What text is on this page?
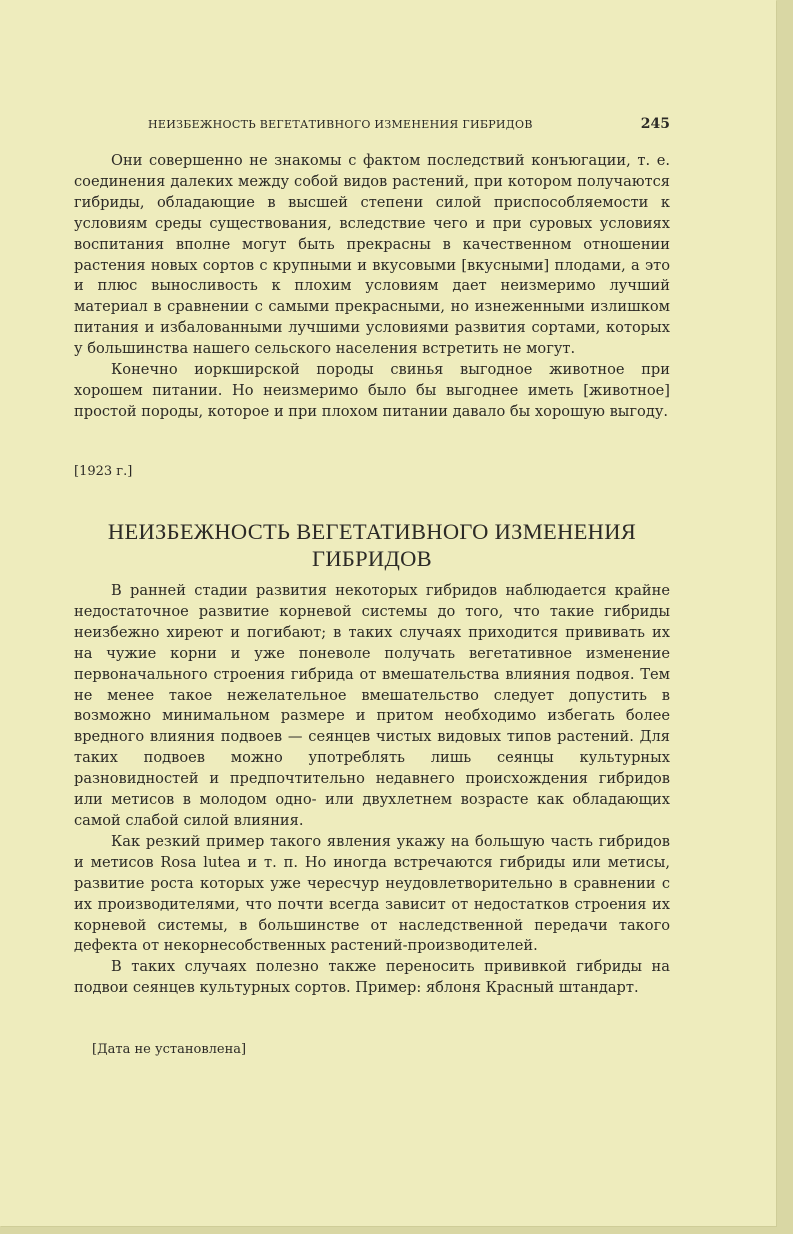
НЕИЗБЕЖНОСТЬ ВЕГЕТАТИВНОГО ИЗМЕНЕНИЯ ГИБРИДОВ	245

Они совершенно не знакомы с фактом последствий конъюгации, т. е. соединения далеких между собой видов растений, при котором получаются гибриды, обладающие в высшей степени силой приспособляемости к условиям среды существования, вследствие чего и при суровых условиях воспитания вполне могут быть прекрасны в качественном отношении растения новых сортов с крупными и вкусовыми [вкусными] плодами, а это и плюс выносливость к плохим условиям дает неизмеримо лучший материал в сравнении с самыми прекрасными, но изнеженными излишком питания и избалованными лучшими условиями развития сортами, которых у большинства нашего сельского населения встретить не могут.

Конечно иоркширской породы свинья выгодное животное при хорошем питании. Но неизмеримо было бы выгоднее иметь [животное] простой породы, которое и при плохом питании давало бы хорошую выгоду.

[1923 г.]
НЕИЗБЕЖНОСТЬ ВЕГЕТАТИВНОГО ИЗМЕНЕНИЯ
ГИБРИДОВ

В ранней стадии развития некоторых гибридов наблюдается крайне недостаточное развитие корневой системы до того, что такие гибриды неизбежно хиреют и погибают; в таких случаях приходится прививать их на чужие корни и уже поневоле получать вегетативное изменение первоначального строения гибрида от вмешательства влияния подвоя. Тем не менее такое нежелательное вмешательство следует допустить в возможно минимальном размере и притом необходимо избегать более вредного влияния подвоев — сеянцев чистых видовых типов растений. Для таких подвоев можно употреблять лишь сеянцы культурных разновидностей и предпочтительно недавнего происхождения гибридов или метисов в молодом одно- или двухлетнем возрасте как обладающих самой слабой силой влияния.

Как резкий пример такого явления укажу на большую часть гибридов и метисов Rosa lutea и т. п. Но иногда встречаются гибриды или метисы, развитие роста которых уже чересчур неудовлетворительно в сравнении с их производителями, что почти всегда зависит от недостатков строения их корневой системы, в большинстве от наследственной передачи такого дефекта от некорнесобственных растений-производителей.

В таких случаях полезно также переносить прививкой гибриды на подвои сеянцев культурных сортов. Пример: яблоня Красный штандарт.

[Дата не установлена]
